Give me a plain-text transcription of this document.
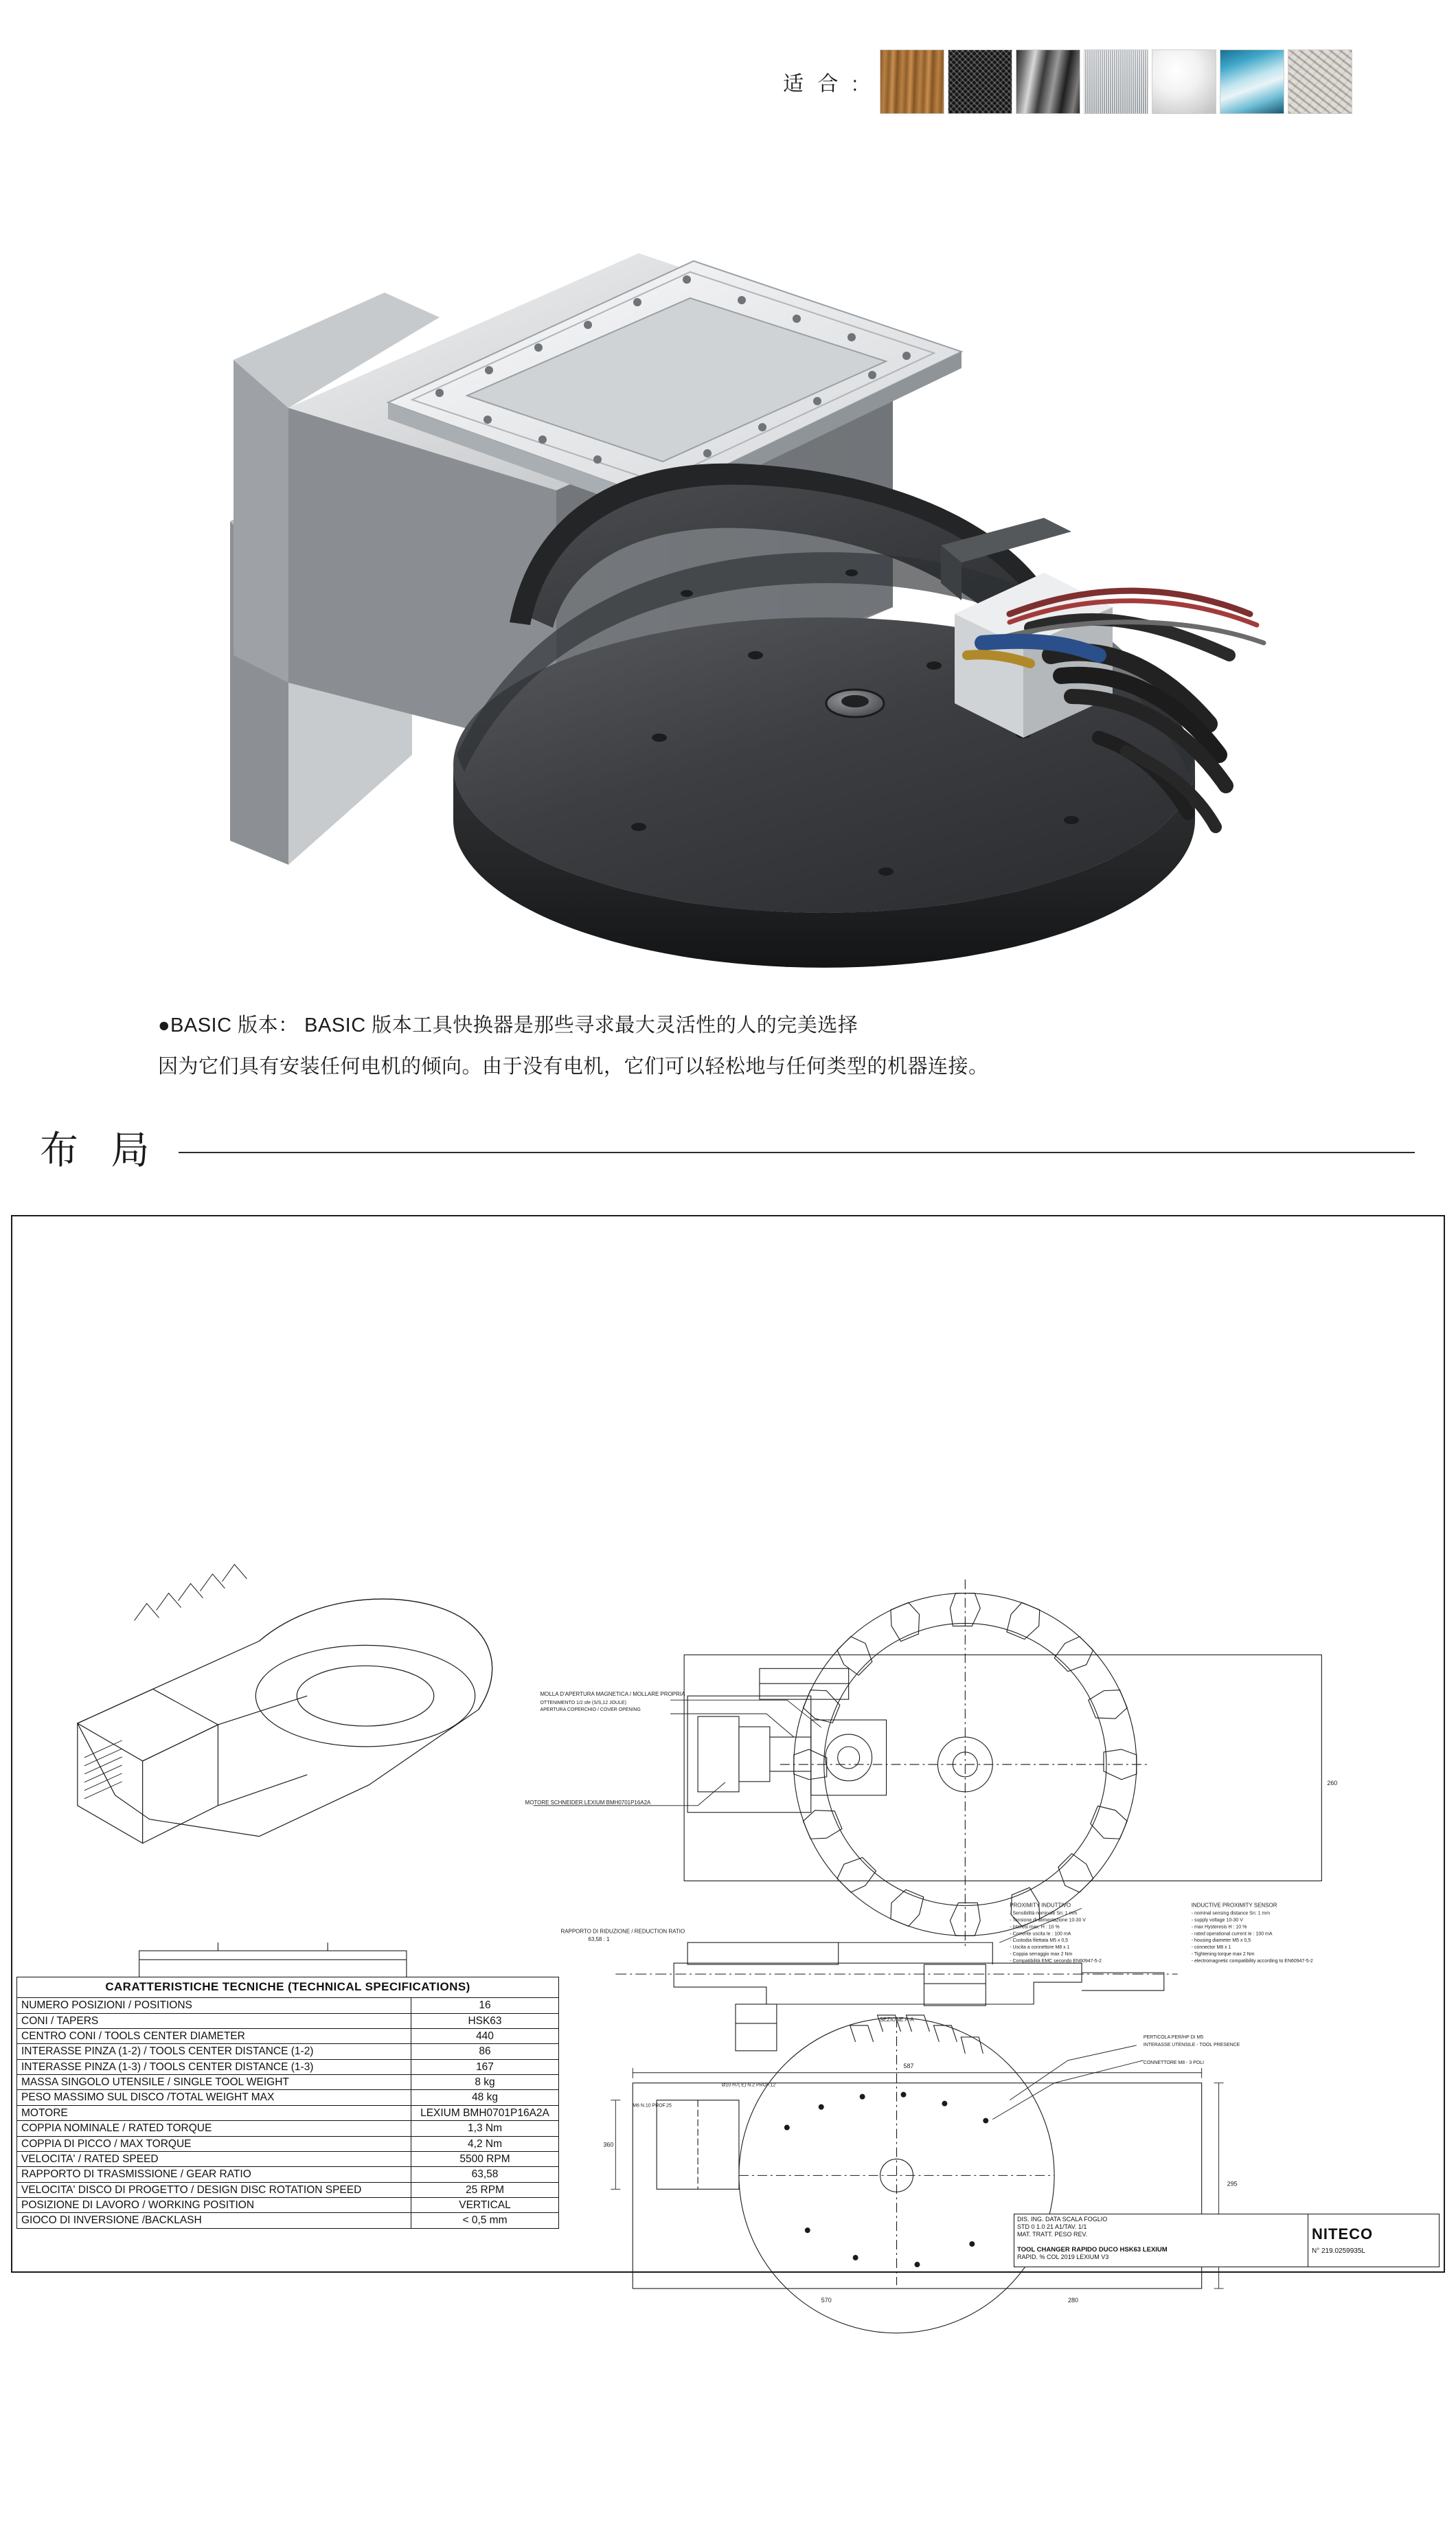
适 合 :

●BASIC 版本： BASIC 版本工具快换器是那些寻求最大灵活性的人的完美选择

因为它们具有安装任何电机的倾向。由于没有电机，它们可以轻松地与任何类型的机器连接。

布 局
MOLLA D'APERTURA MAGNETICA / MOLLARE PROPRIA
OTTENIMENTO 1/2 sfe (S/S,12 JOULE)
APERTURA COPERCHIO / COVER OPENING
MOTORE SCHNEIDER LEXIUM BMH0701P16A2A
RAPPORTO DI RIDUZIONE / REDUCTION RATIO
63,58 : 1
SEZIONE A-A
PROXIMITY INDUTTIVO
- Sensibilità nominale Sn: 1 mm
- Tensione di alimentazione 10-30 V
- Isteresi max. H : 10 %
- Corrente uscita Ie : 100 mA
- Custodia filettata M5 x 0,5
- Uscita a connettore M8 x 1
- Coppia serraggio max 2 Nm
- Compatibilità EMC secondo EN60947-5-2
INDUCTIVE PROXIMITY SENSOR
- nominal sensing distance Sn: 1 mm
- supply voltage 10-30 V
- max Hysteresis H : 10 %
- rated operational current Ie : 100 mA
- housing diameter M5 x 0,5
- connector M8 x 1
- Tightening torque max 2 Nm
- electromagnetic compatibility according to EN60947-5-2
PERTICOLA PER/HP DI M5
INTERASSE UTENSILE - TOOL PRESENCE
CONNETTORE M8 - 3 POLI
M6 N.10 PROF.25
Ø10 H7( E) N.2 PROF.12
587
295
360
570	280
260
CARATTERISTICHE TECNICHE (TECHNICAL SPECIFICATIONS)	
NUMERO POSIZIONI / POSITIONS	16
CONI / TAPERS	HSK63
CENTRO CONI / TOOLS CENTER DIAMETER	440
INTERASSE PINZA (1-2) / TOOLS CENTER DISTANCE (1-2)	86
INTERASSE PINZA (1-3) / TOOLS CENTER DISTANCE (1-3)	167
MASSA SINGOLO UTENSILE / SINGLE TOOL WEIGHT	8 kg
PESO MASSIMO SUL DISCO /TOTAL WEIGHT MAX	48 kg
MOTORE	LEXIUM BMH0701P16A2A
COPPIA NOMINALE / RATED TORQUE	1,3 Nm
COPPIA DI PICCO / MAX TORQUE	4,2 Nm
VELOCITA' / RATED SPEED	5500 RPM
RAPPORTO DI TRASMISSIONE / GEAR RATIO	63,58
VELOCITA' DISCO DI PROGETTO / DESIGN DISC ROTATION SPEED	25 RPM
POSIZIONE DI LAVORO / WORKING POSITION	VERTICAL
GIOCO DI INVERSIONE /BACKLASH	< 0,5 mm	DIS. ING. DATA SCALA FOGLIO
STD 0 1.0 21 A1/TAV. 1/1
MAT. TRATT. PESO REV.
TOOL CHANGER RAPIDO DUCO HSK63 LEXIUM
RAPID. % COL 2019 LEXIUM V3
NITECO
N° 219.0259935L
